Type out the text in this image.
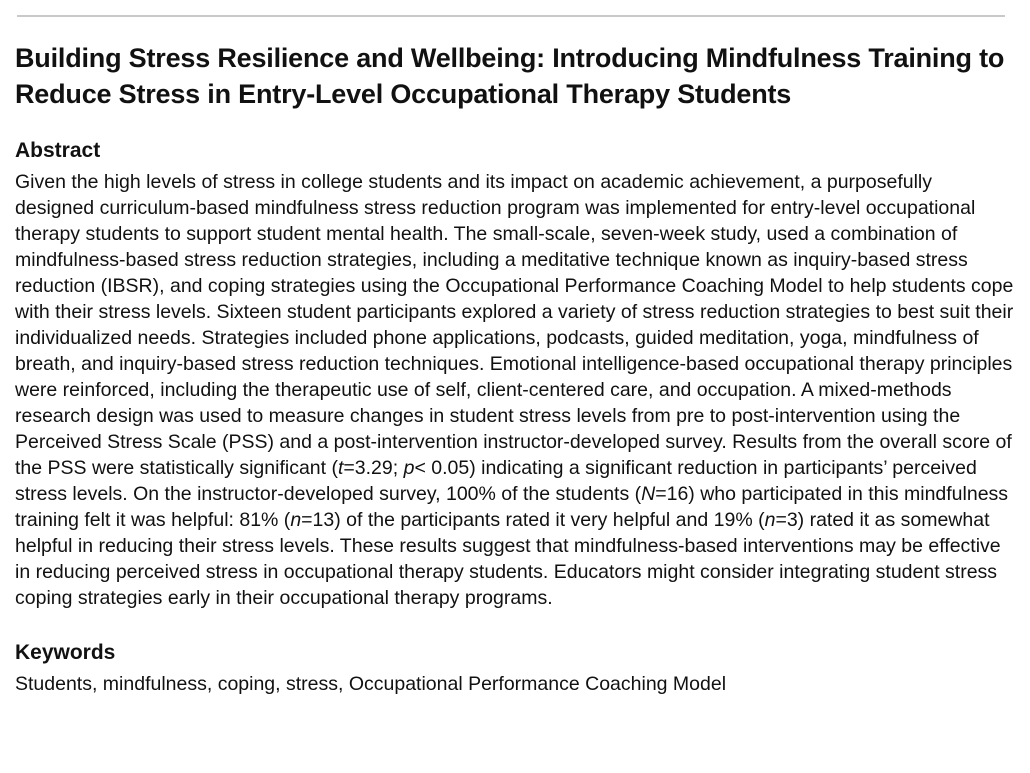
Building Stress Resilience and Wellbeing: Introducing Mindfulness Training to Reduce Stress in Entry-Level Occupational Therapy Students
Abstract

Given the high levels of stress in college students and its impact on academic achievement, a purposefully designed curriculum-based mindfulness stress reduction program was implemented for entry-level occupational therapy students to support student mental health. The small-scale, seven-week study, used a combination of mindfulness-based stress reduction strategies, including a meditative technique known as inquiry-based stress reduction (IBSR), and coping strategies using the Occupational Performance Coaching Model to help students cope with their stress levels. Sixteen student participants explored a variety of stress reduction strategies to best suit their individualized needs. Strategies included phone applications, podcasts, guided meditation, yoga, mindfulness of breath, and inquiry-based stress reduction techniques. Emotional intelligence-based occupational therapy principles were reinforced, including the therapeutic use of self, client-centered care, and occupation. A mixed-methods research design was used to measure changes in student stress levels from pre to post-intervention using the Perceived Stress Scale (PSS) and a post-intervention instructor-developed survey. Results from the overall score of the PSS were statistically significant (t=3.29; p< 0.05) indicating a significant reduction in participants’ perceived stress levels. On the instructor-developed survey, 100% of the students (N=16) who participated in this mindfulness training felt it was helpful: 81% (n=13) of the participants rated it very helpful and 19% (n=3) rated it as somewhat helpful in reducing their stress levels. These results suggest that mindfulness-based interventions may be effective in reducing perceived stress in occupational therapy students. Educators might consider integrating student stress coping strategies early in their occupational therapy programs.

Keywords

Students, mindfulness, coping, stress, Occupational Performance Coaching Model
